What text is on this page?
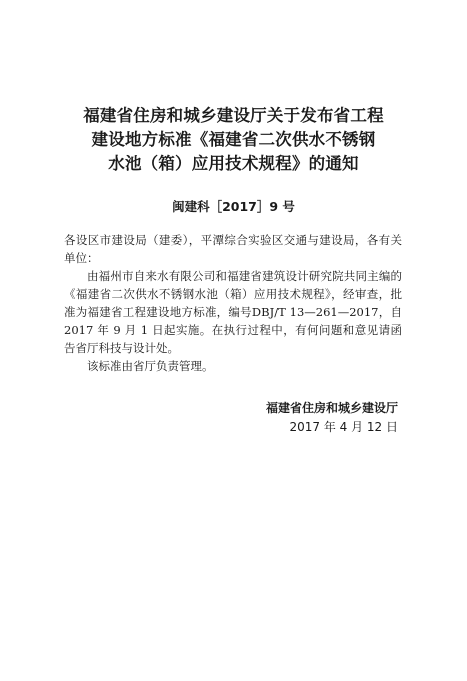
福建省住房和城乡建设厅关于发布省工程
建设地方标准《福建省二次供水不锈钢
水池（箱）应用技术规程》的通知
闽建科［2017］9 号

各设区市建设局（建委），平潭综合实验区交通与建设局，各有关单位：

由福州市自来水有限公司和福建省建筑设计研究院共同主编的《福建省二次供水不锈钢水池（箱）应用技术规程》，经审查，批准为福建省工程建设地方标准，编号DBJ/T 13—261—2017，自 2017 年 9 月 1 日起实施。在执行过程中，有何问题和意见请函告省厅科技与设计处。

该标准由省厅负责管理。

福建省住房和城乡建设厅
2017 年 4 月 12 日
